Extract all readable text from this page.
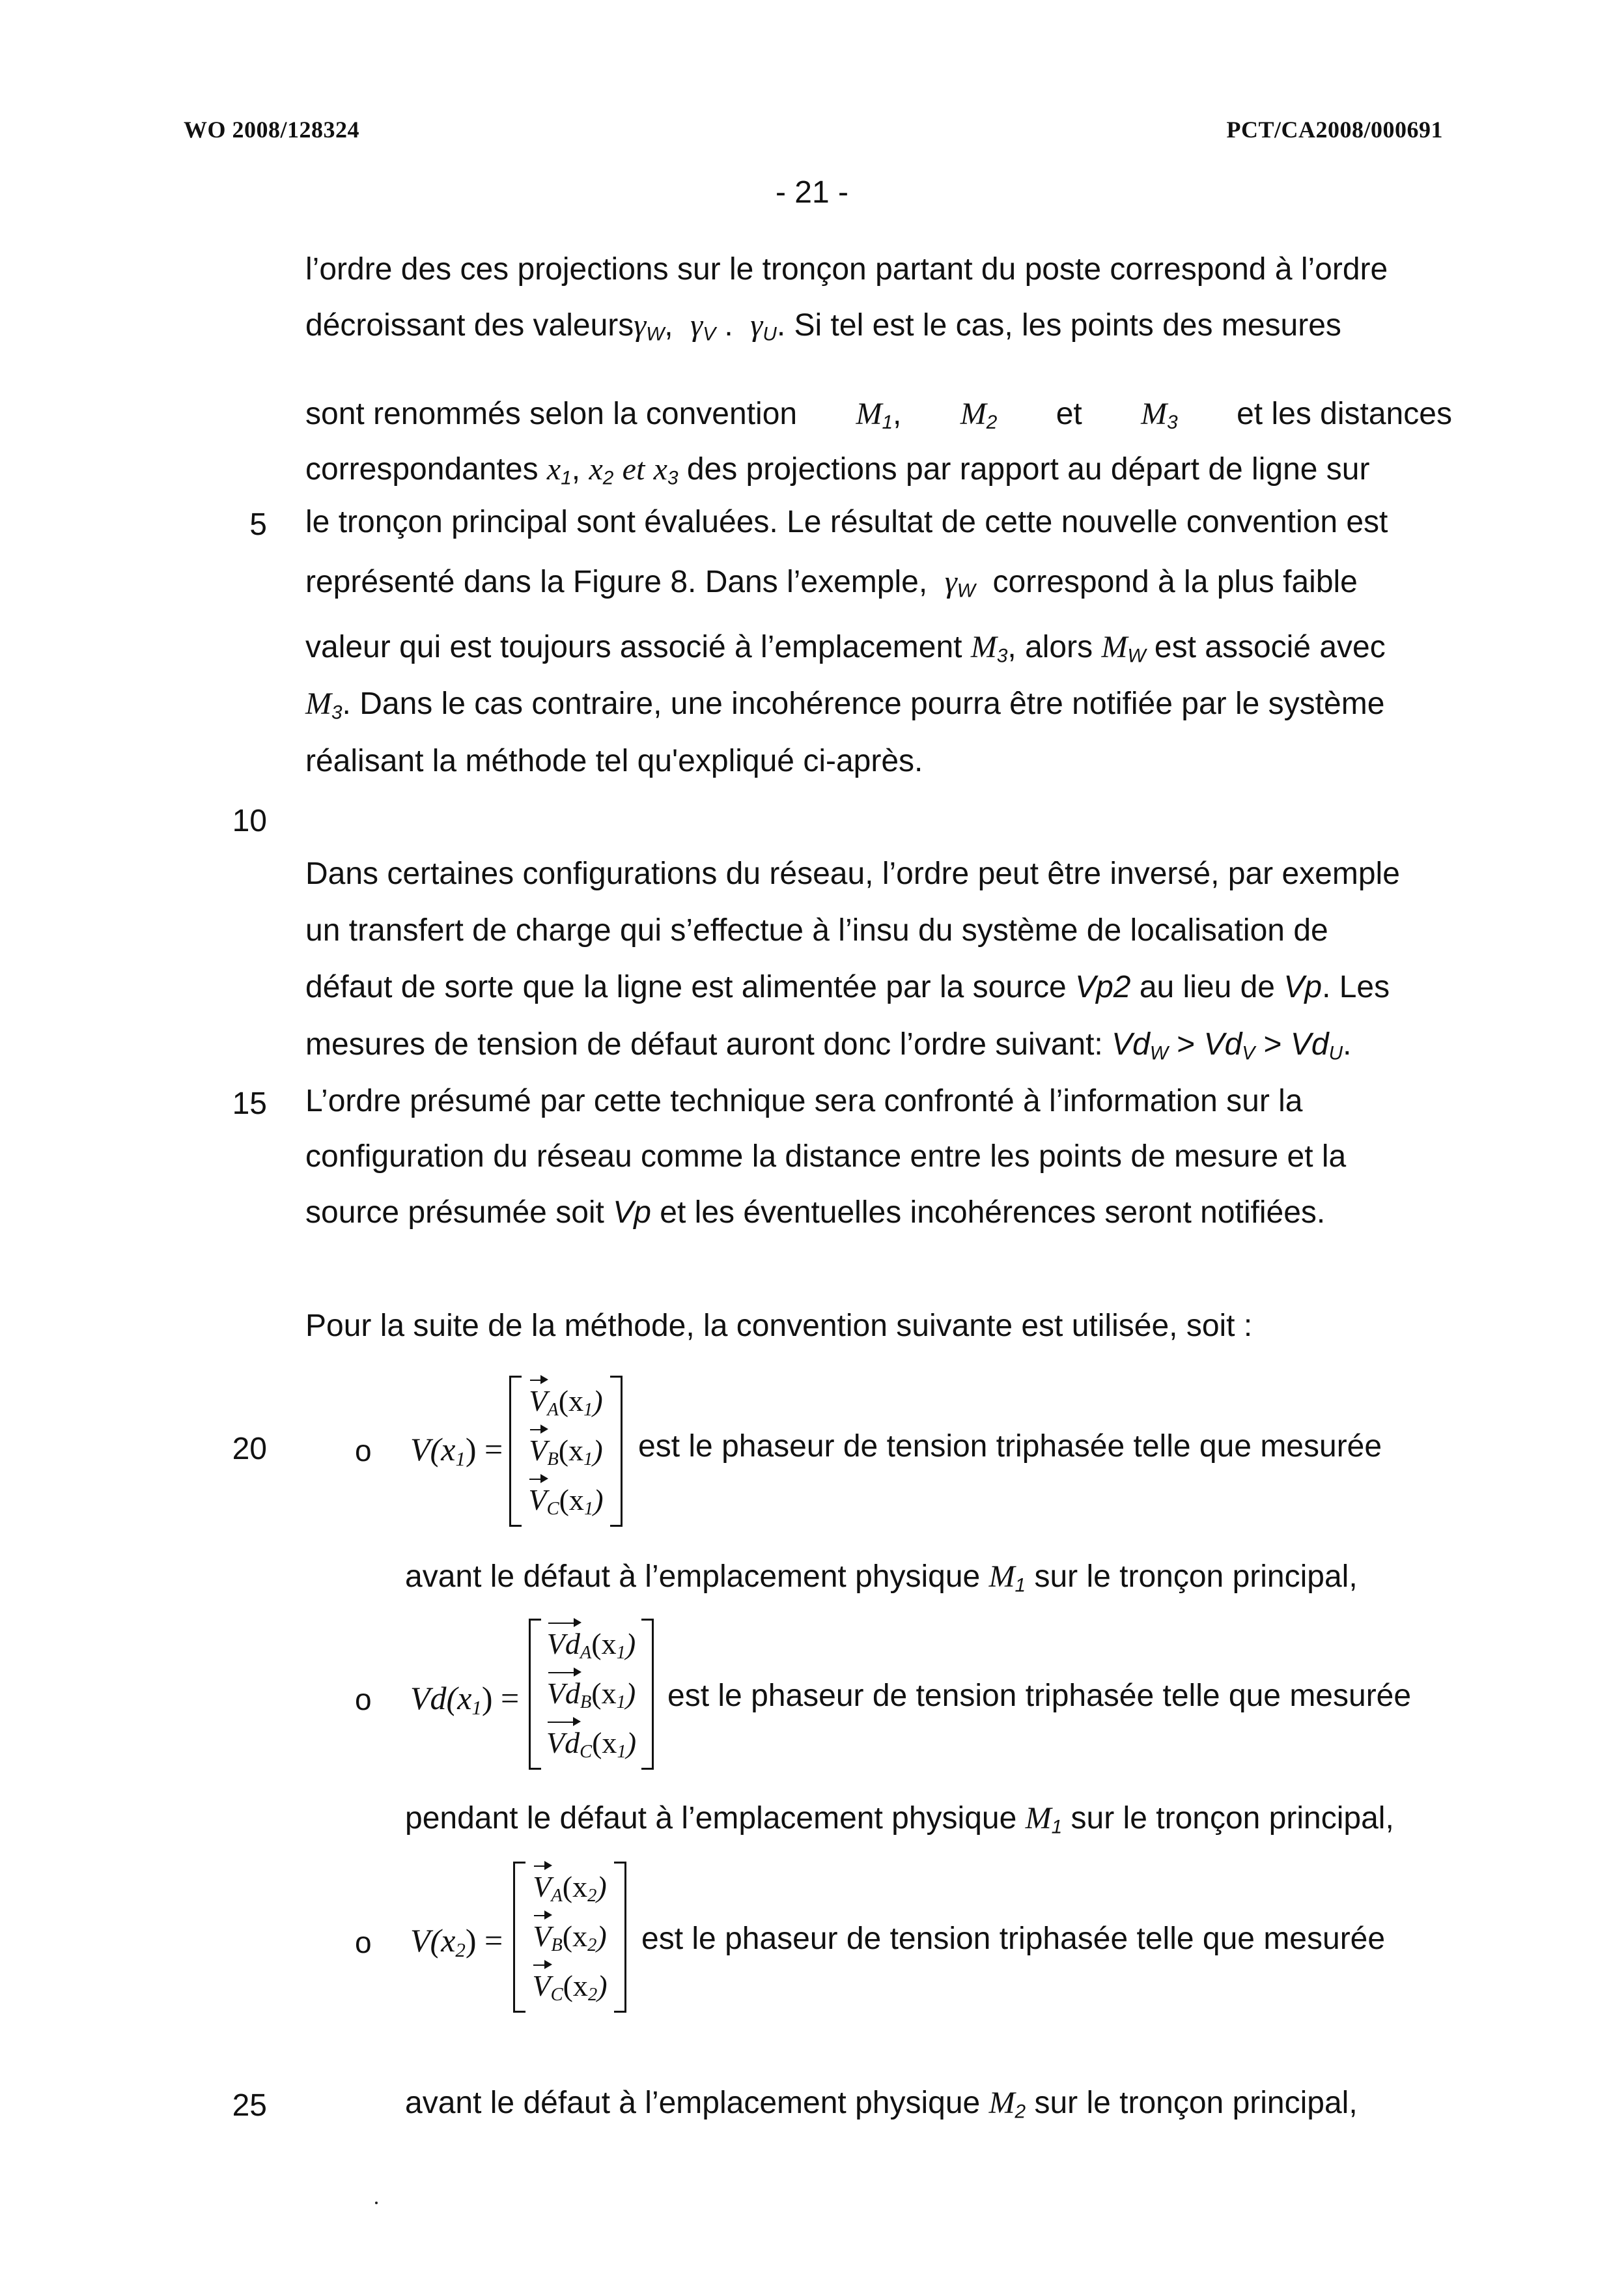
WO 2008/128324	PCT/CA2008/000691
- 21 -
5
10
15
20
25
l’ordre des ces projections sur le tronçon partant du poste correspond à l’ordre
décroissant des valeursγ$_W$, $\gamma_V$ . $\gamma_U$. Si tel est le cas, les points des mesures
sont renommés selon la convention M1, M2 et M3 et les distances
correspondantes $x_1$, $x_2$ et $x_3$ des projections par rapport au départ de ligne sur
le tronçon principal sont évaluées. Le résultat de cette nouvelle convention est
représenté dans la Figure 8. Dans l’exemple, $\gamma_W$ correspond à la plus faible
valeur qui est toujours associé à l’emplacement $M_3$, alors $M_W$ est associé avec
$M_3$. Dans le cas contraire, une incohérence pourra être notifiée par le système
réalisant la méthode tel qu'expliqué ci-après.
Dans certaines configurations du réseau, l’ordre peut être inversé, par exemple
un transfert de charge qui s’effectue à l’insu du système de localisation de
défaut de sorte que la ligne est alimentée par la source Vp2 au lieu de Vp. Les
mesures de tension de défaut auront donc l’ordre suivant: $Vd_W > Vd_V > Vd_U$.
L’ordre présumé par cette technique sera confronté à l’information sur la
configuration du réseau comme la distance entre les points de mesure et la
source présumée soit Vp et les éventuelles incohérences seront notifiées.
Pour la suite de la méthode, la convention suivante est utilisée, soit :
o $V(x_1)$ =
$V_A(x_1)$
$V_B(x_1)$
$V_C(x_1)$
est le phaseur de tension triphasée telle que mesurée
avant le défaut à l’emplacement physique $M_1$ sur le tronçon principal,
o $Vd(x_1)$ =
$Vd_A(x_1)$
$Vd_B(x_1)$
$Vd_C(x_1)$
est le phaseur de tension triphasée telle que mesurée
pendant le défaut à l’emplacement physique $M_1$ sur le tronçon principal,
o $V(x_2)$ =
$V_A(x_2)$
$V_B(x_2)$
$V_C(x_2)$
est le phaseur de tension triphasée telle que mesurée
avant le défaut à l’emplacement physique $M_2$ sur le tronçon principal,
